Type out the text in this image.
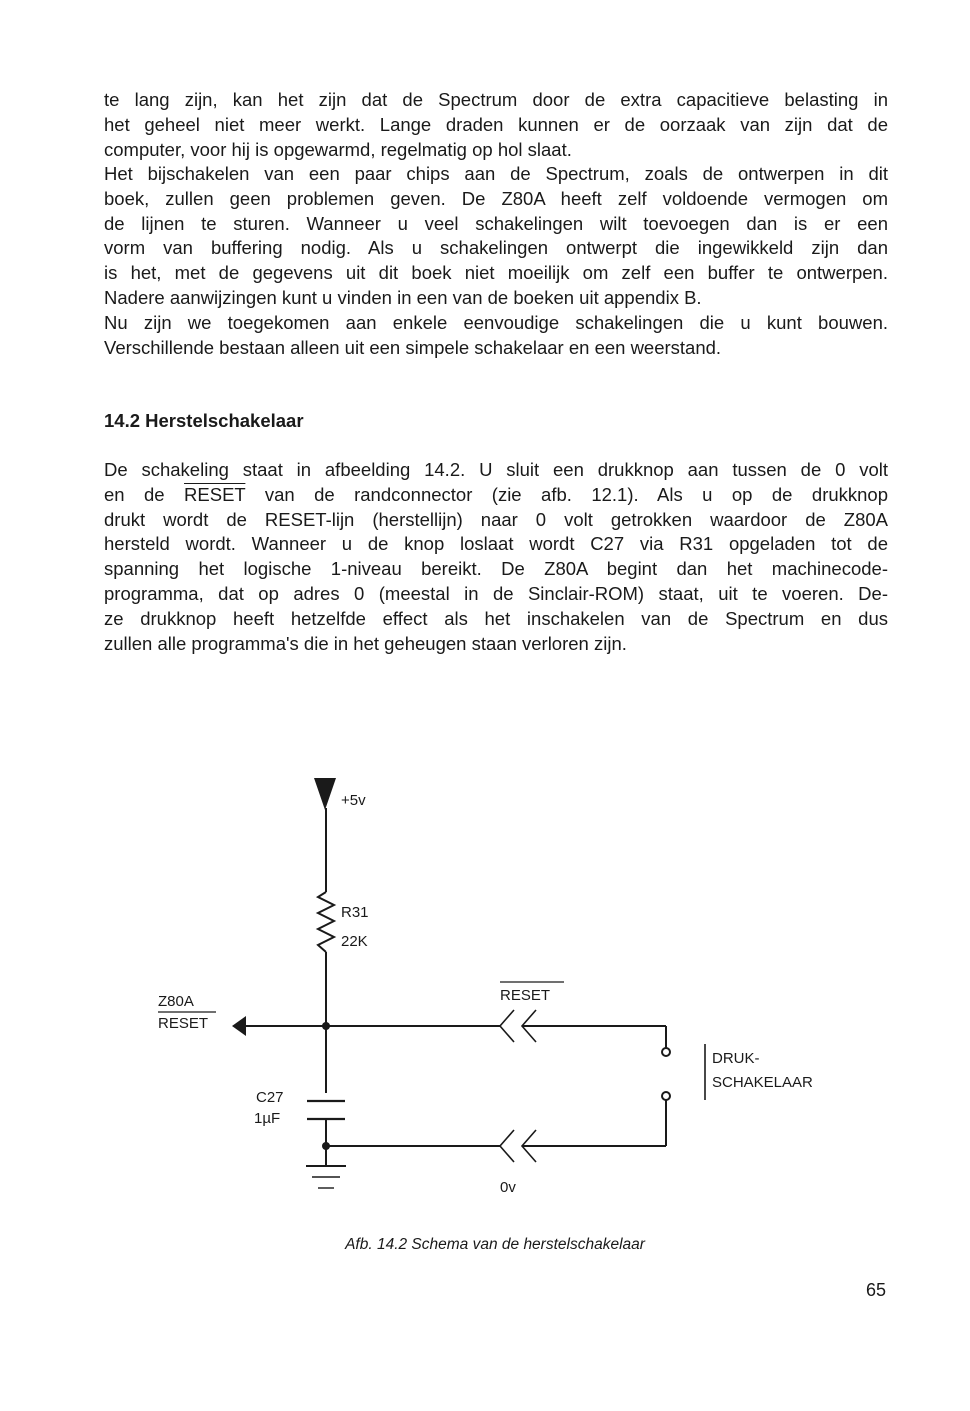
te lang zijn, kan het zijn dat de Spectrum door de extra capacitieve belasting in
het geheel niet meer werkt. Lange draden kunnen er de oorzaak van zijn dat de
computer, voor hij is opgewarmd, regelmatig op hol slaat.
Het bijschakelen van een paar chips aan de Spectrum, zoals de ontwerpen in dit
boek, zullen geen problemen geven. De Z80A heeft zelf voldoende vermogen om
de lijnen te sturen. Wanneer u veel schakelingen wilt toevoegen dan is er een
vorm van buffering nodig. Als u schakelingen ontwerpt die ingewikkeld zijn dan
is het, met de gegevens uit dit boek niet moeilijk om zelf een buffer te ontwerpen.
Nadere aanwijzingen kunt u vinden in een van de boeken uit appendix B.
Nu zijn we toegekomen aan enkele eenvoudige schakelingen die u kunt bouwen.
Verschillende bestaan alleen uit een simpele schakelaar en een weerstand.
14.2 Herstelschakelaar
De schakeling staat in afbeelding 14.2. U sluit een drukknop aan tussen de 0 volt
en de RESET van de randconnector (zie afb. 12.1). Als u op de drukknop
drukt wordt de RESET-lijn (herstellijn) naar 0 volt getrokken waardoor de Z80A
hersteld wordt. Wanneer u de knop loslaat wordt C27 via R31 opgeladen tot de
spanning het logische 1-niveau bereikt. De Z80A begint dan het machinecode-
programma, dat op adres 0 (meestal in de Sinclair-ROM) staat, uit te voeren. De-
ze drukknop heeft hetzelfde effect als het inschakelen van de Spectrum en dus
zullen alle programma's die in het geheugen staan verloren zijn.
+5v
R31
22K
Z80A
RESET
RESET
DRUK-
SCHAKELAAR
C27
1µF
0v
Afb. 14.2 Schema van de herstelschakelaar
65
